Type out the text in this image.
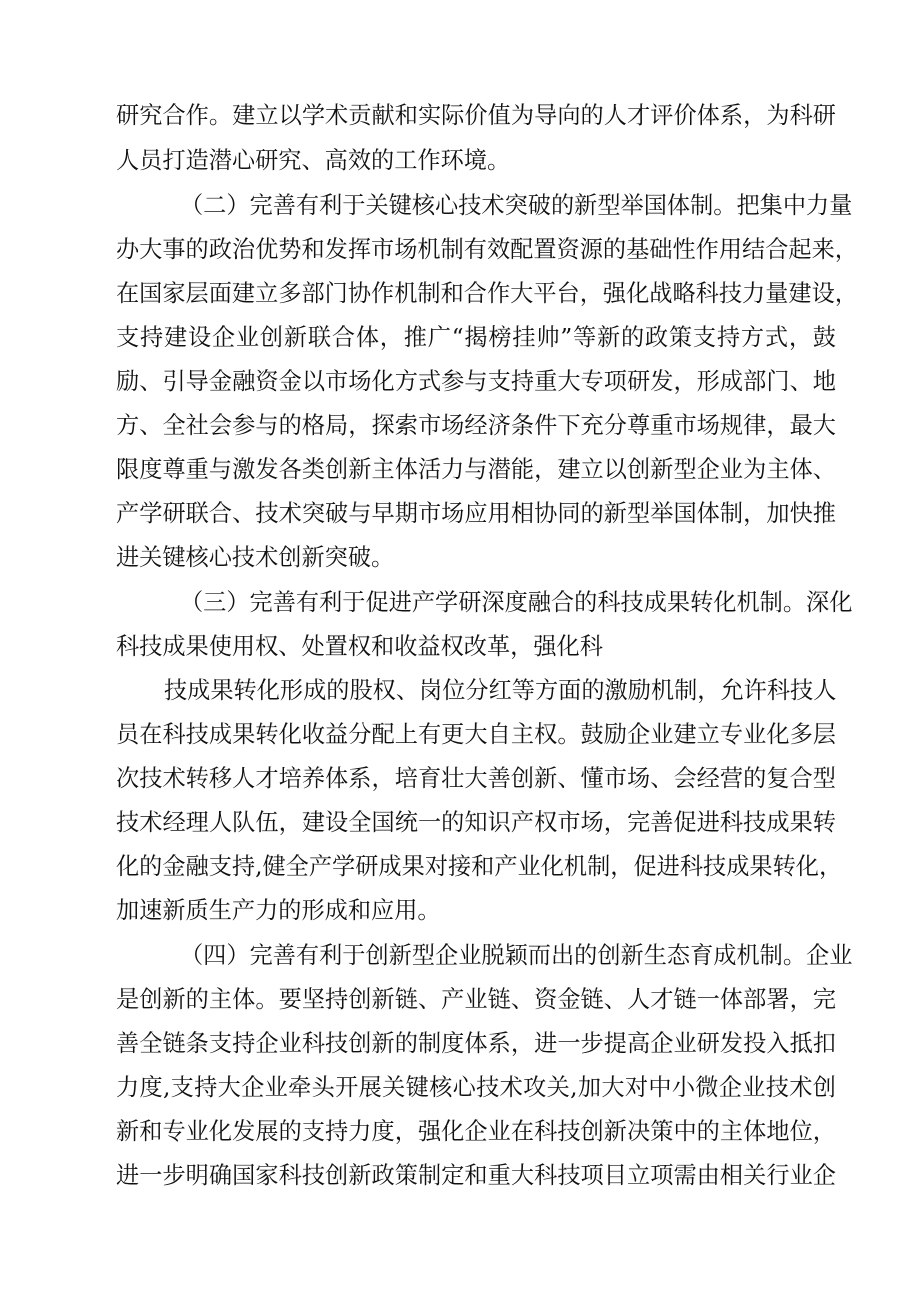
研究合作。建立以学术贡献和实际价值为导向的人才评价体系，为科研
人员打造潜心研究、高效的工作环境。
（二）完善有利于关键核心技术突破的新型举国体制。把集中力量
办大事的政治优势和发挥市场机制有效配置资源的基础性作用结合起来，
在国家层面建立多部门协作机制和合作大平台，强化战略科技力量建设，
支持建设企业创新联合体，推广“揭榜挂帅”等新的政策支持方式，鼓
励、引导金融资金以市场化方式参与支持重大专项研发，形成部门、地
方、全社会参与的格局，探索市场经济条件下充分尊重市场规律，最大
限度尊重与激发各类创新主体活力与潜能，建立以创新型企业为主体、
产学研联合、技术突破与早期市场应用相协同的新型举国体制，加快推
进关键核心技术创新突破。
（三）完善有利于促进产学研深度融合的科技成果转化机制。深化
科技成果使用权、处置权和收益权改革，强化科
技成果转化形成的股权、岗位分红等方面的激励机制，允许科技人
员在科技成果转化收益分配上有更大自主权。鼓励企业建立专业化多层
次技术转移人才培养体系，培育壮大善创新、懂市场、会经营的复合型
技术经理人队伍，建设全国统一的知识产权市场，完善促进科技成果转
化的金融支持,健全产学研成果对接和产业化机制，促进科技成果转化，
加速新质生产力的形成和应用。
（四）完善有利于创新型企业脱颖而出的创新生态育成机制。企业
是创新的主体。要坚持创新链、产业链、资金链、人才链一体部署，完
善全链条支持企业科技创新的制度体系，进一步提高企业研发投入抵扣
力度,支持大企业牵头开展关键核心技术攻关,加大对中小微企业技术创
新和专业化发展的支持力度，强化企业在科技创新决策中的主体地位，
进一步明确国家科技创新政策制定和重大科技项目立项需由相关行业企
